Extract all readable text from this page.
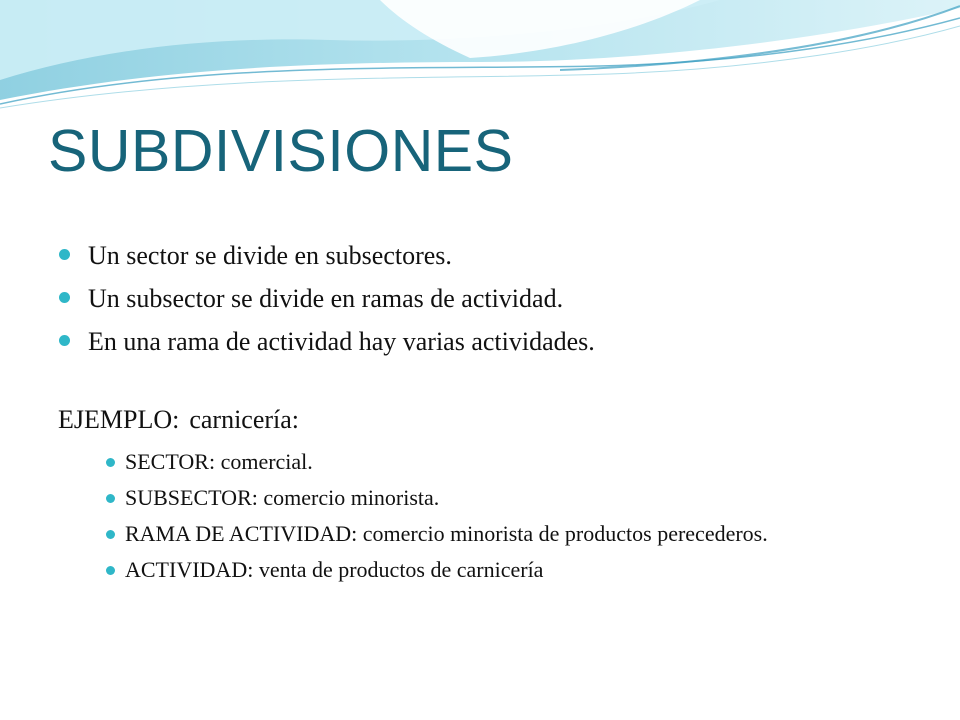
SUBDIVISIONES
Un sector se divide en subsectores.
Un subsector se divide en ramas de actividad.
En una rama de actividad hay varias actividades.
EJEMPLO: carnicería:
SECTOR: comercial.
SUBSECTOR: comercio minorista.
RAMA DE ACTIVIDAD: comercio minorista de productos perecederos.
ACTIVIDAD: venta de productos de carnicería
